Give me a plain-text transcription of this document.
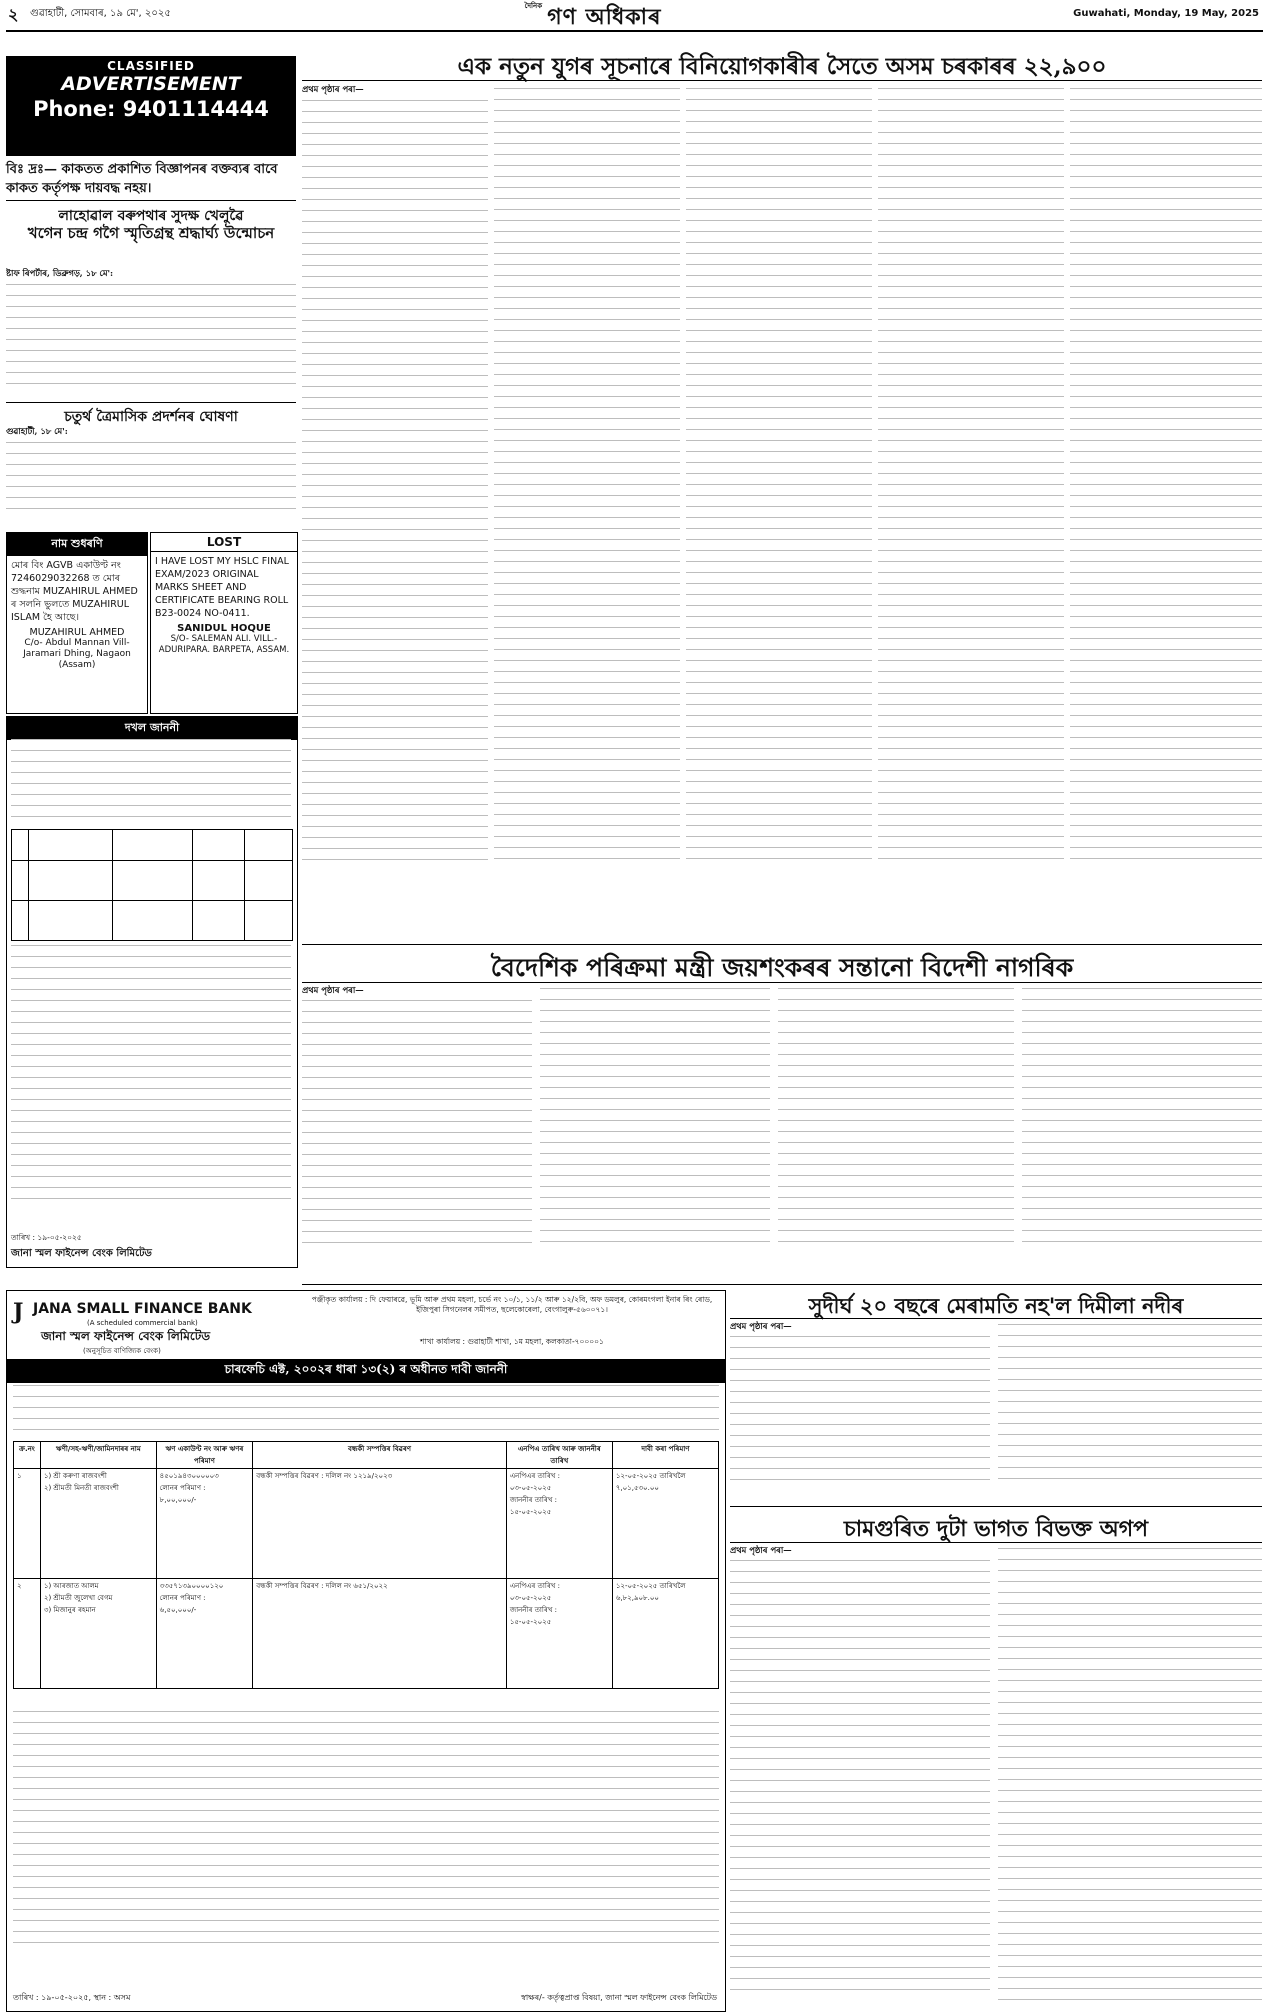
২ গুৱাহাটী, সোমবাৰ, ১৯ মে', ২০২৫
$^{দৈনিক}$ গণ অধিকাৰ	Guwahati, Monday, 19 May, 2025
CLASSIFIED
ADVERTISEMENT
Phone: 9401114444
বিঃ দ্ৰঃ— কাকতত প্ৰকাশিত বিজ্ঞাপনৰ বক্তব্যৰ বাবে কাকত কৰ্তৃপক্ষ দায়বদ্ধ নহয়।
লাহোৱাল বৰুপথাৰ সুদক্ষ খেলুৱৈ
খগেন চন্দ্ৰ গগৈ স্মৃতিগ্ৰন্থ শ্ৰদ্ধাৰ্ঘ্য উন্মোচন
ষ্টাফ ৰিপৰ্টাৰ, ডিব্ৰুগড়, ১৮ মে':
চতুৰ্থ ত্ৰৈমাসিক প্ৰদৰ্শনৰ ঘোষণা
গুৱাহাটী, ১৮ মে':
নাম শুধৰণি
মোৰ বিং AGVB একাউণ্ট নং 7246029032268 ত মোৰ শুদ্ধনাম MUZAHIRUL AHMED ৰ সলনি ভুলতে MUZAHIRUL ISLAM হৈ আছে।
MUZAHIRUL AHMED
C/o- Abdul Mannan Vill- Jaramari Dhing, Nagaon (Assam)
LOST
I HAVE LOST MY HSLC FINAL EXAM/2023 ORIGINAL MARKS SHEET AND CERTIFICATE BEARING ROLL B23-0024 NO-0411.
SANIDUL HOQUE
S/O- SALEMAN ALI. VILL.- ADURIPARA. BARPETA, ASSAM.
দখল জাননী
তাৰিখ : ১৯-০৫-২০২৫
জানা স্মল ফাইনেন্স বেংক লিমিটেড
এক নতুন যুগৰ সূচনাৰে বিনিয়োগকাৰীৰ সৈতে অসম চৰকাৰৰ ২২,৯০০
প্ৰথম পৃষ্ঠাৰ পৰা—
বৈদেশিক পৰিক্ৰমা মন্ত্ৰী জয়শংকৰৰ সন্তানো বিদেশী নাগৰিক
প্ৰথম পৃষ্ঠাৰ পৰা—
সুদীৰ্ঘ ২০ বছৰে মেৰামতি নহ'ল দিমীলা নদীৰ
প্ৰথম পৃষ্ঠাৰ পৰা—
চামগুৰিত দুটা ভাগত বিভক্ত অগপ
প্ৰথম পৃষ্ঠাৰ পৰা—
J JANA SMALL FINANCE BANK
(A scheduled commercial bank)
জানা স্মল ফাইনেন্স বেংক লিমিটেড
(অনুসূচিত বাণিজ্যিক বেংক)
পঞ্জীকৃত কাৰ্যালয় : দি ফেয়াৰৱে, ভূমি আৰু প্ৰথম মহলা, চৰ্ভে নং ১০/১, ১১/২ আৰু ১২/২বি, অফ ডমলুৰ, কোৰমংগলা ইনাৰ ৰিং ৰোড, ইজিপুৰা সিগনেলৰ সমীপত, ছলেকোৰেলা, বেংগালুৰু-৫৬০০৭১।
শাখা কাৰ্যালয় : গুৱাহাটী শাখা, ১ম মহলা, কলকাতা-৭০০০০১
চাৰফেচি এক্ট, ২০০২ৰ ধাৰা ১৩(২) ৰ অধীনত দাবী জাননী
ক্ৰ.নং	ঋণী/সহ-ঋণী/জামিনদাৰৰ নাম	ঋণ একাউণ্ট নং আৰু ঋণৰ পৰিমাণ	বন্ধকী সম্পত্তিৰ বিৱৰণ	এনপিএ তাৰিখ আৰু জাননীৰ তাৰিখ	দাবী কৰা পৰিমাণ
১	১) শ্ৰী কৰুণা ৰাজবংশী
২) শ্ৰীমতী মিনতী ৰাজবংশী	৪৫০১৯৪৩০০০০০৩
লোনৰ পৰিমাণ :
৮,০০,০০০/-	বন্ধকী সম্পত্তিৰ বিৱৰণ : দলিল নং ১২১৯/২০২৩	এনপিএৰ তাৰিখ :
০৩-০৫-২০২৫
জাননীৰ তাৰিখ :
১৫-০৫-২০২৫	১২-০৫-২০২৫ তাৰিখলৈ
৭,০১,৫৩০.০০
২	১) আৰজাত আলম
২) শ্ৰীমতী জুলেখা বেগম
৩) মিজানুৰ ৰহমান	৩৩৫৭১৩৯০০০০১২০
লোনৰ পৰিমাণ :
৬,৫০,০০০/-	বন্ধকী সম্পত্তিৰ বিৱৰণ : দলিল নং ৬৫১/২০২২	এনপিএৰ তাৰিখ :
০৩-০৫-২০২৫
জাননীৰ তাৰিখ :
১৫-০৫-২০২৫	১২-০৫-২০২৫ তাৰিখলৈ
৬,৮২,৯০৮.০০
তাৰিখ : ১৯-০৫-২০২৫, স্থান : অসম	স্বাক্ষৰ/- কৰ্তৃত্বপ্ৰাপ্ত বিষয়া, জানা স্মল ফাইনেন্স বেংক লিমিটেড
